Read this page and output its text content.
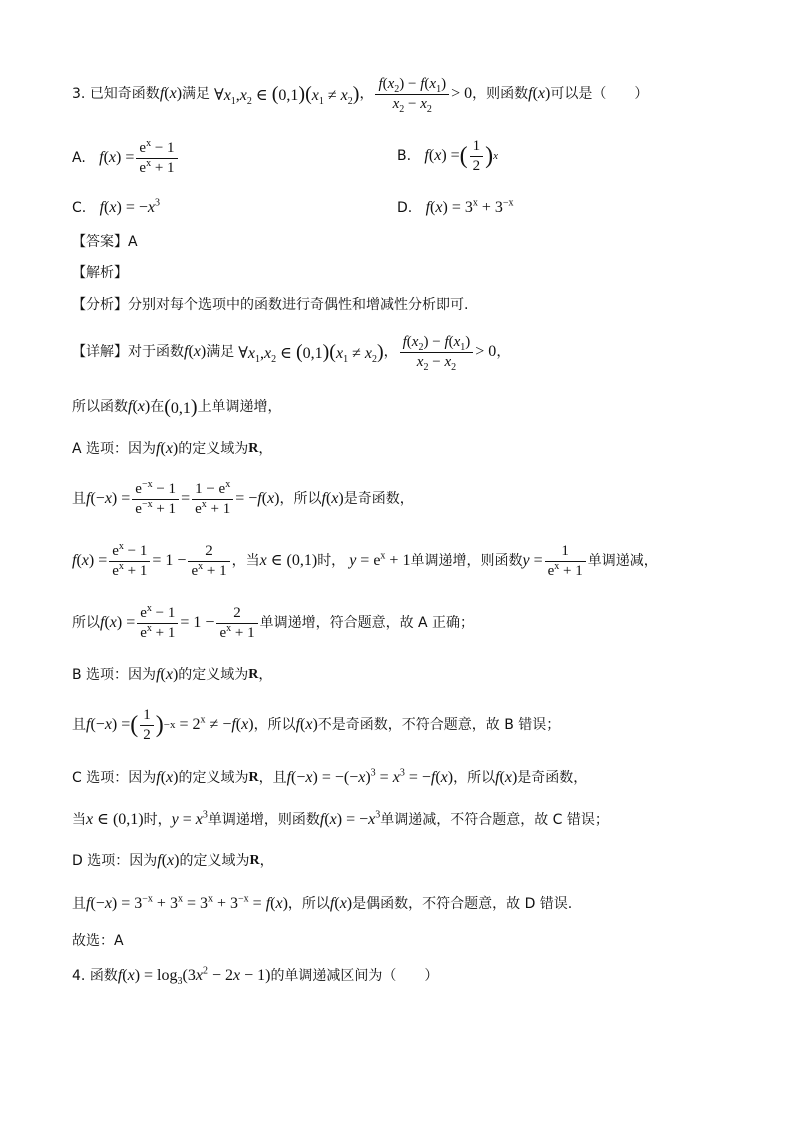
3.
已知奇函数 f ( x ) 满足 $\forall x_1,x_2$ ∈ $(0,1)(x_1 \ne x_2)$ ， $\frac{f(x_2) - f(x_1)}{x_2 - x_2} > 0$ ，则函数 f ( x ) 可以是（　　）
A.
$f(x) = \frac{e^x - 1}{e^x + 1}$	B.
f(x) = ( $\frac{1}{2}$ ) x
C.
$f(x) = -x^3$	D.
$f(x) = 3^x + 3^{-x}$
【答案】A
【解析】
【分析】分别对每个选项中的函数进行奇偶性和增减性分析即可.
【详解】 对于函数 f ( x ) 满足 $\forall x_1,x_2$ ∈ $(0,1)(x_1 \ne x_2)$ ， $\frac{f(x_2) - f(x_1)}{x_2 - x_2} > 0$ ，
所以函数 f ( x ) 在 (0,1) 上单调递增，
A 选项：因为 f(x) 的定义域为 R ，
且 $f(-x) = \frac{e^{-x} - 1}{e^{-x} + 1} = \frac{1 - e^x}{e^x + 1} = -f(x)$ ，所以 f(x) 是奇函数，
$f(x) = \frac{e^x - 1}{e^x + 1} = 1 - \frac{2}{e^x + 1}$ ，当 x ∈ (0,1) 时， $y = e^x + 1$ 单调递增，则函数 $y = \frac{1}{e^x + 1}$ 单调递减，
所以 $f(x) = \frac{e^x - 1}{e^x + 1} = 1 - \frac{2}{e^x + 1}$ 单调递增，符合题意，故 A 正确；
B 选项：因为 f(x) 的定义域为 R ，
且 f(−x) = ( $\frac{1}{2}$ ) $-x = 2^x \ne -f(x)$ ，所以 f(x) 不是奇函数，不符合题意，故 B 错误；
C 选项：因为 f(x) 的定义域为 R ，且 $f(-x) = -(-x)^3 = x^3 = -f(x)$ ，所以 f(x) 是奇函数，
当 x ∈ (0,1) 时， $y = x^3$ 单调递增，则函数 $f(x) = -x^3$ 单调递减，不符合题意，故 C 错误；
D 选项：因为 f(x) 的定义域为 R ，
且 $f(-x) = 3^{-x} + 3^x = 3^x + 3^{-x} = f(x)$ ，所以 f(x) 是偶函数，不符合题意，故 D 错误.
故选：A
4.
函数 $f(x) = \log_3(3x^2 - 2x - 1)$ 的单调递减区间为（　　）
